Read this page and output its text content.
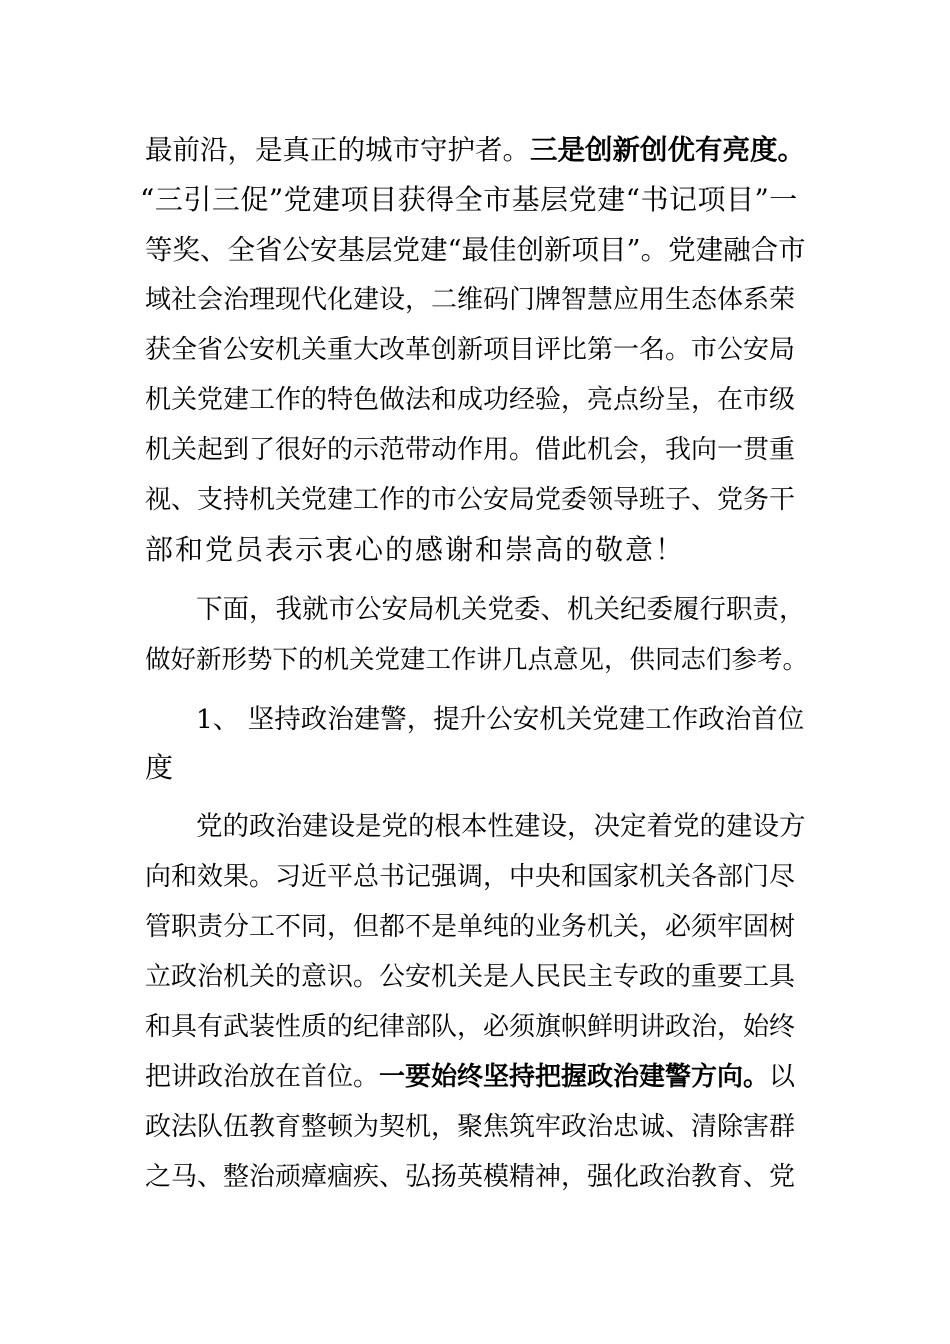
最前沿，是真正的城市守护者。三是创新创优有亮度。
“三引三促”党建项目获得全市基层党建“书记项目”一
等奖、全省公安基层党建“最佳创新项目”。党建融合市
域社会治理现代化建设，二维码门牌智慧应用生态体系荣
获全省公安机关重大改革创新项目评比第一名。市公安局
机关党建工作的特色做法和成功经验，亮点纷呈，在市级
机关起到了很好的示范带动作用。借此机会，我向一贯重
视、支持机关党建工作的市公安局党委领导班子、党务干
部和党员表示衷心的感谢和崇高的敬意！
下面，我就市公安局机关党委、机关纪委履行职责，
做好新形势下的机关党建工作讲几点意见，供同志们参考。
1、 坚持政治建警，提升公安机关党建工作政治首位
度
党的政治建设是党的根本性建设，决定着党的建设方
向和效果。习近平总书记强调，中央和国家机关各部门尽
管职责分工不同，但都不是单纯的业务机关，必须牢固树
立政治机关的意识。公安机关是人民民主专政的重要工具
和具有武装性质的纪律部队，必须旗帜鲜明讲政治，始终
把讲政治放在首位。一要始终坚持把握政治建警方向。以
政法队伍教育整顿为契机，聚焦筑牢政治忠诚、清除害群
之马、整治顽瘴痼疾、弘扬英模精神，强化政治教育、党
